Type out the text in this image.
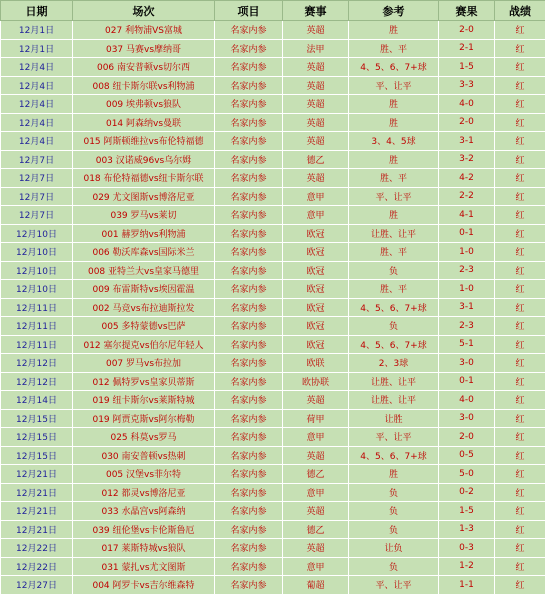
日期	场次	项目	赛事	参考	赛果	战绩
12月1日	027 利物浦VS富城	名家内参	英超	胜	2-0	红
12月1日	037 马赛vs摩纳哥	名家内参	法甲	胜、平	2-1	红
12月4日	006 南安普顿vs切尔西	名家内参	英超	4、5、6、7+球	1-5	红
12月4日	008 纽卡斯尔联vs利物浦	名家内参	英超	平、让平	3-3	红
12月4日	009 埃弗顿vs狼队	名家内参	英超	胜	4-0	红
12月4日	014 阿森纳vs曼联	名家内参	英超	胜	2-0	红
12月4日	015 阿斯顿维拉vs布伦特福德	名家内参	英超	3、4、5球	3-1	红
12月7日	003 汉诺威96vs乌尔姆	名家内参	德乙	胜	3-2	红
12月7日	018 布伦特福德vs纽卡斯尔联	名家内参	英超	胜、平	4-2	红
12月7日	029 尤文图斯vs博洛尼亚	名家内参	意甲	平、让平	2-2	红
12月7日	039 罗马vs莱切	名家内参	意甲	胜	4-1	红
12月10日	001 赫罗纳vs利物浦	名家内参	欧冠	让胜、让平	0-1	红
12月10日	006 勒沃库森vs国际米兰	名家内参	欧冠	胜、平	1-0	红
12月10日	008 亚特兰大vs皇家马德里	名家内参	欧冠	负	2-3	红
12月10日	009 布雷斯特vs埃因霍温	名家内参	欧冠	胜、平	1-0	红
12月11日	002 马竞vs布拉迪斯拉发	名家内参	欧冠	4、5、6、7+球	3-1	红
12月11日	005 多特蒙德vs巴萨	名家内参	欧冠	负	2-3	红
12月11日	012 塞尔提克vs伯尔尼年轻人	名家内参	欧冠	4、5、6、7+球	5-1	红
12月12日	007 罗马vs布拉加	名家内参	欧联	2、3球	3-0	红
12月12日	012 佩特罗vs皇家贝蒂斯	名家内参	欧协联	让胜、让平	0-1	红
12月14日	019 纽卡斯尔vs莱斯特城	名家内参	英超	让胜、让平	4-0	红
12月15日	019 阿贾克斯vs阿尔梅勒	名家内参	荷甲	让胜	3-0	红
12月15日	025 科莫vs罗马	名家内参	意甲	平、让平	2-0	红
12月15日	030 南安普顿vs热刺	名家内参	英超	4、5、6、7+球	0-5	红
12月21日	005 汉堡vs菲尔特	名家内参	德乙	胜	5-0	红
12月21日	012 都灵vs博洛尼亚	名家内参	意甲	负	0-2	红
12月21日	033 水晶宫vs阿森纳	名家内参	英超	负	1-5	红
12月21日	039 纽伦堡vs卡伦斯鲁厄	名家内参	德乙	负	1-3	红
12月22日	017 莱斯特城vs狼队	名家内参	英超	让负	0-3	红
12月22日	031 蒙扎vs尤文图斯	名家内参	意甲	负	1-2	红
12月27日	004 阿罗卡vs吉尔维森特	名家内参	葡超	平、让平	1-1	红
